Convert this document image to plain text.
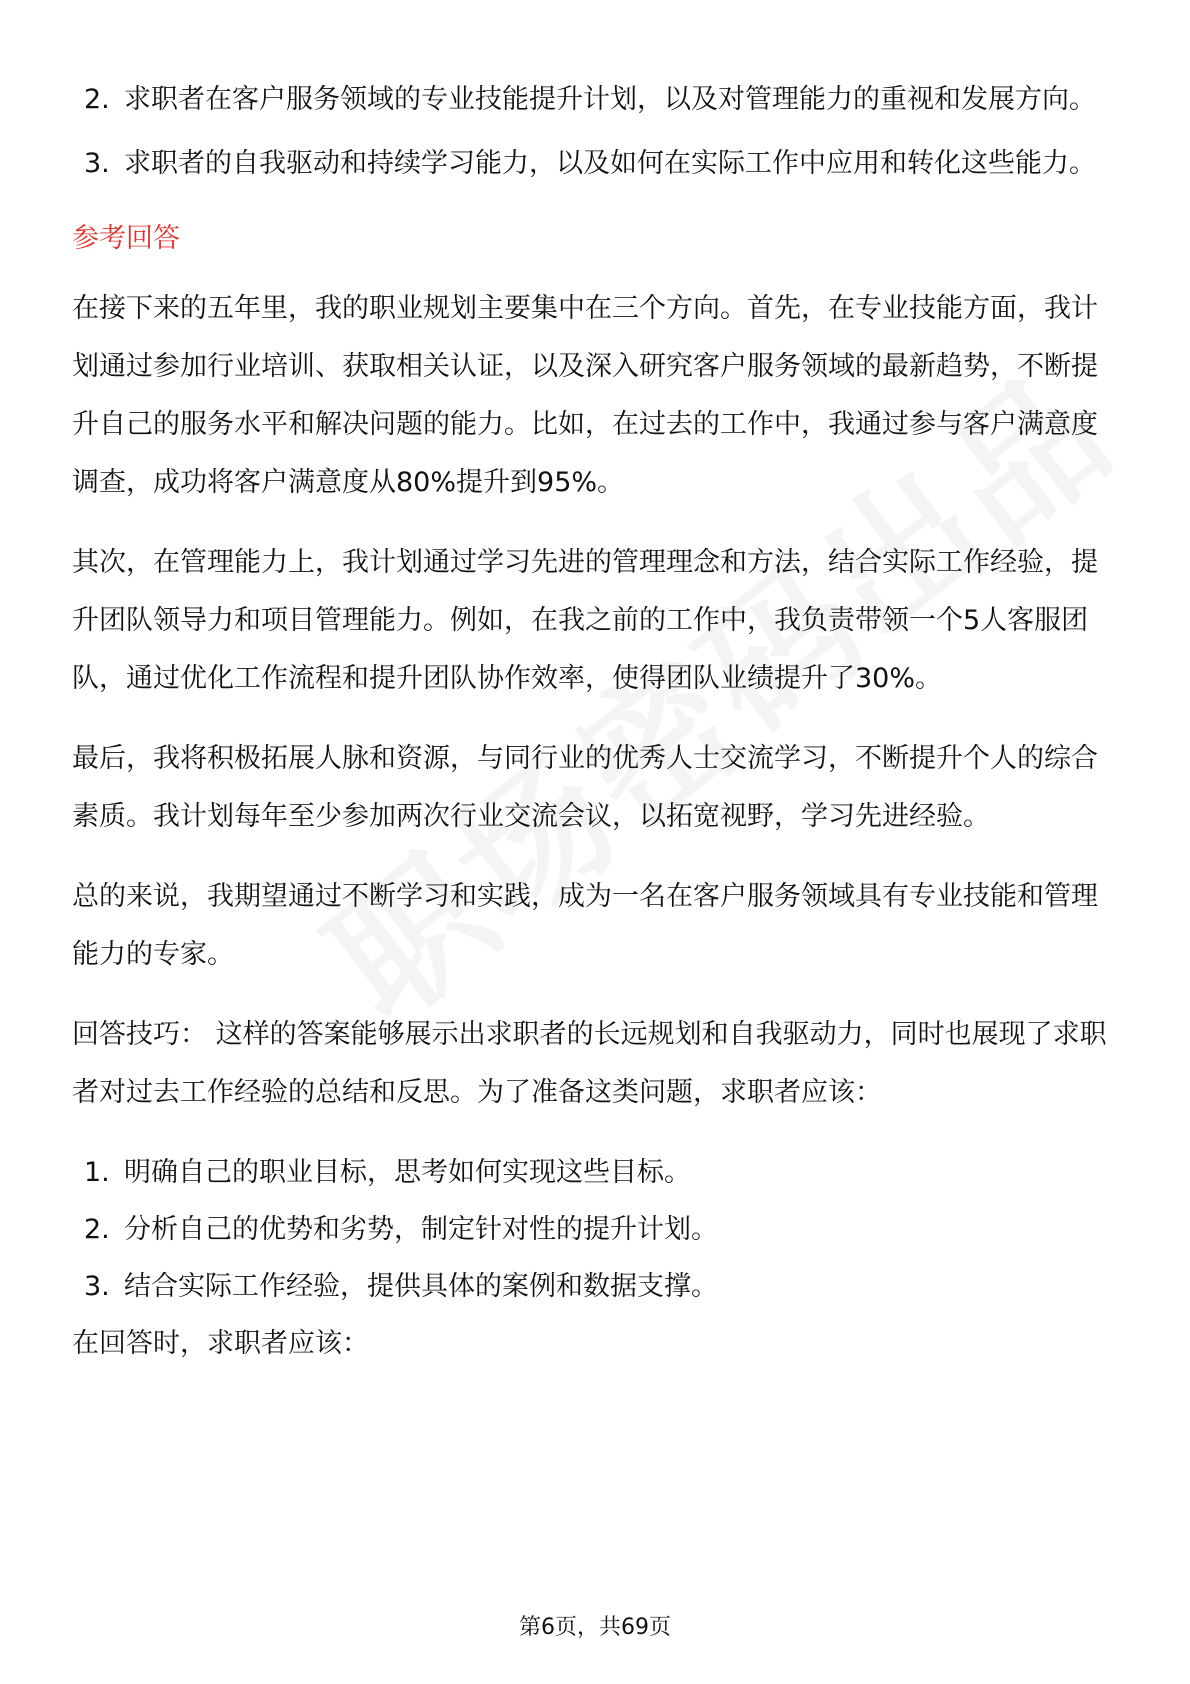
2. 求职者在客户服务领域的专业技能提升计划，以及对管理能力的重视和发展方向。
3. 求职者的自我驱动和持续学习能力，以及如何在实际工作中应用和转化这些能力。
参考回答

在接下来的五年里，我的职业规划主要集中在三个方向。首先，在专业技能方面，我计划通过参加行业培训、获取相关认证，以及深入研究客户服务领域的最新趋势，不断提升自己的服务水平和解决问题的能力。比如，在过去的工作中，我通过参与客户满意度调查，成功将客户满意度从80%提升到95%。

其次，在管理能力上，我计划通过学习先进的管理理念和方法，结合实际工作经验，提升团队领导力和项目管理能力。例如，在我之前的工作中，我负责带领一个5人客服团队，通过优化工作流程和提升团队协作效率，使得团队业绩提升了30%。

最后，我将积极拓展人脉和资源，与同行业的优秀人士交流学习，不断提升个人的综合素质。我计划每年至少参加两次行业交流会议，以拓宽视野，学习先进经验。

总的来说，我期望通过不断学习和实践，成为一名在客户服务领域具有专业技能和管理能力的专家。

回答技巧： 这样的答案能够展示出求职者的长远规划和自我驱动力，同时也展现了求职者对过去工作经验的总结和反思。为了准备这类问题，求职者应该：

1. 明确自己的职业目标，思考如何实现这些目标。
2. 分析自己的优势和劣势，制定针对性的提升计划。
3. 结合实际工作经验，提供具体的案例和数据支撑。

在回答时，求职者应该：

第6页，共69页
